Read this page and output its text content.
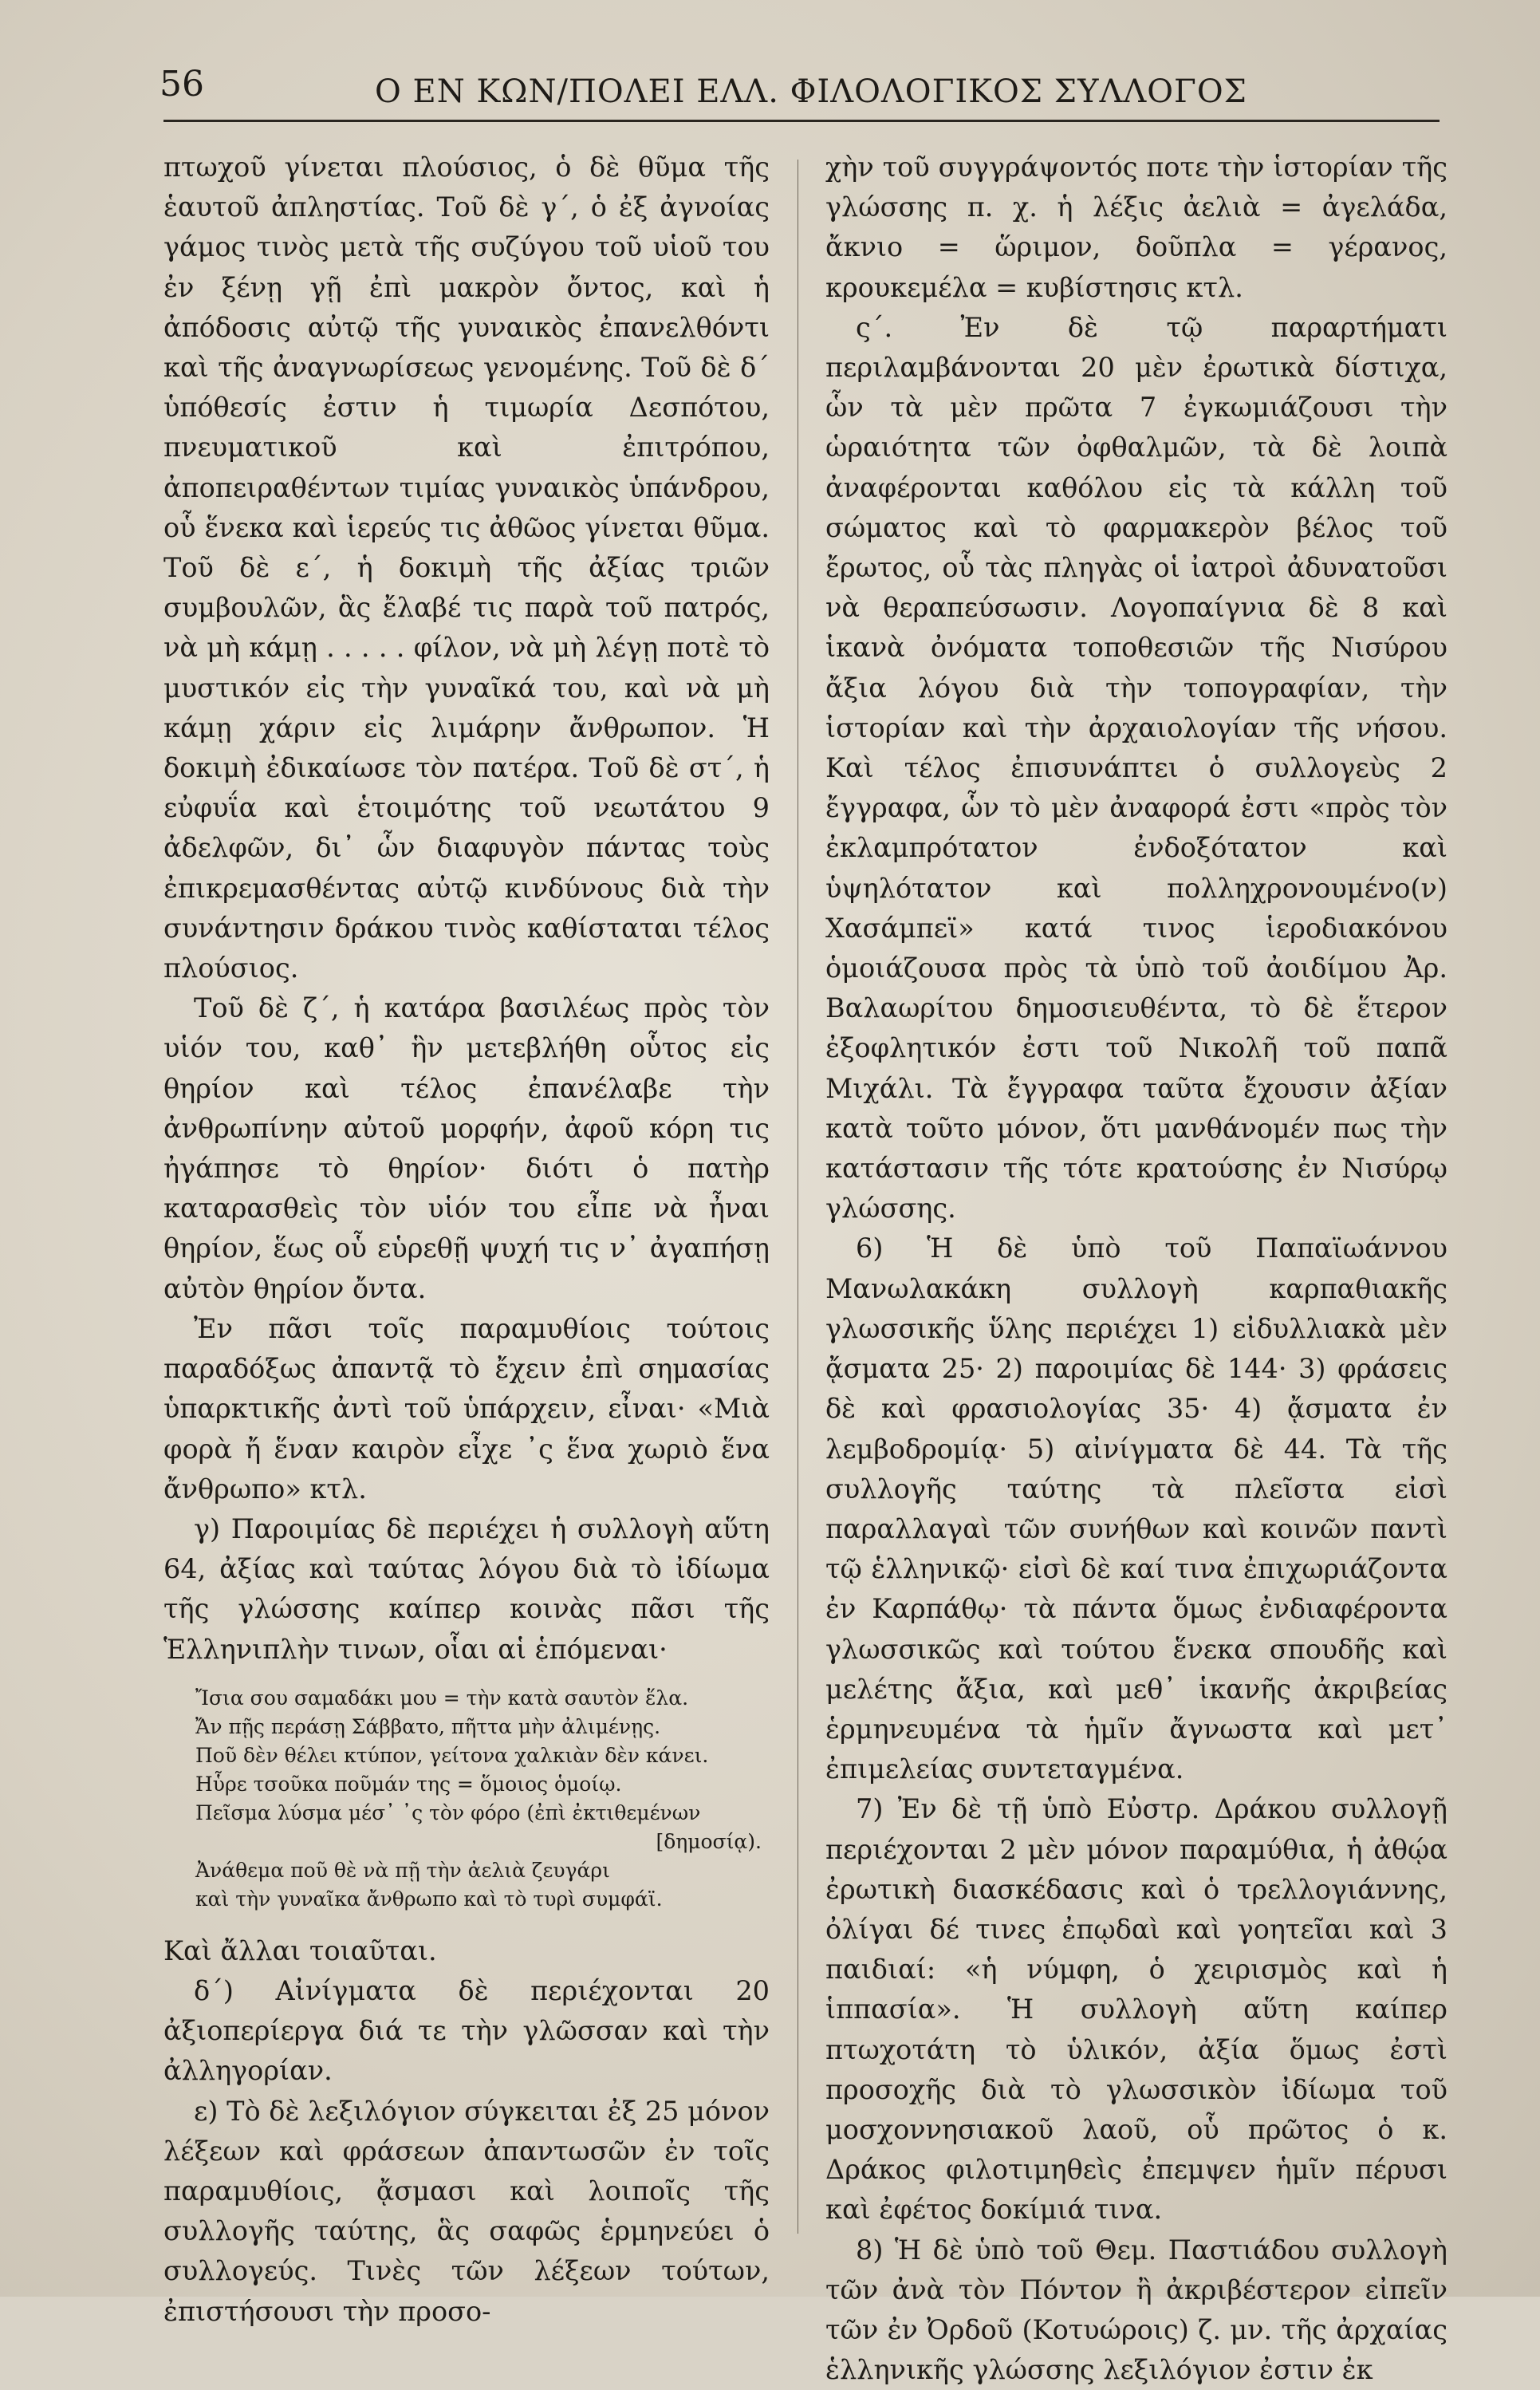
56	Ο ΕΝ ΚΩΝ/ΠΟΛΕΙ ΕΛΛ. ΦΙΛΟΛΟΓΙΚΟΣ ΣΥΛΛΟΓΟΣ

πτωχοῦ γίνεται πλούσιος, ὁ δὲ θῦμα τῆς ἑαυτοῦ ἀπληστίας. Τοῦ δὲ γ΄, ὁ ἐξ ἀγνοίας γάμος τινὸς μετὰ τῆς συζύγου τοῦ υἱοῦ του ἐν ξένῃ γῇ ἐπὶ μακρὸν ὄντος, καὶ ἡ ἀπόδοσις αὐτῷ τῆς γυναικὸς ἐπανελθόντι καὶ τῆς ἀναγνωρίσεως γενομένης. Τοῦ δὲ δ΄ ὑπόθεσίς ἐστιν ἡ τιμωρία Δεσπότου, πνευματικοῦ καὶ ἐπιτρόπου, ἀποπειραθέντων τιμίας γυναικὸς ὑπάνδρου, οὗ ἕνεκα καὶ ἱερεύς τις ἀθῶος γίνεται θῦμα. Τοῦ δὲ ε΄, ἡ δοκιμὴ τῆς ἀξίας τριῶν συμβουλῶν, ἃς ἔλαβέ τις παρὰ τοῦ πατρός, νὰ μὴ κάμῃ . . . . . φίλον, νὰ μὴ λέγῃ ποτὲ τὸ μυστικόν εἰς τὴν γυναῖκά του, καὶ νὰ μὴ κάμῃ χάριν εἰς λιμάρην ἄνθρωπον. Ἡ δοκιμὴ ἐδικαίωσε τὸν πατέρα. Τοῦ δὲ στ΄, ἡ εὐφυΐα καὶ ἑτοιμότης τοῦ νεωτάτου 9 ἀδελφῶν, δι᾽ ὧν διαφυγὸν πάντας τοὺς ἐπικρεμασθέντας αὐτῷ κινδύνους διὰ τὴν συνάντησιν δράκου τινὸς καθίσταται τέλος πλούσιος.

Τοῦ δὲ ζ΄, ἡ κατάρα βασιλέως πρὸς τὸν υἱόν του, καθ᾽ ἣν μετεβλήθη οὗτος εἰς θηρίον καὶ τέλος ἐπανέλαβε τὴν ἀνθρωπίνην αὐτοῦ μορφήν, ἀφοῦ κόρη τις ἠγάπησε τὸ θηρίον· διότι ὁ πατὴρ καταρασθεὶς τὸν υἱόν του εἶπε νὰ ἦναι θηρίον, ἕως οὗ εὑρεθῇ ψυχή τις ν᾽ ἀγαπήσῃ αὐτὸν θηρίον ὄντα.

Ἐν πᾶσι τοῖς παραμυθίοις τούτοις παραδόξως ἀπαντᾷ τὸ ἔχειν ἐπὶ σημασίας ὑπαρκτικῆς ἀντὶ τοῦ ὑπάρχειν, εἶναι· «Μιὰ φορὰ ἤ ἕναν καιρὸν εἶχε ᾽ς ἕνα χωριὸ ἕνα ἄνθρωπο» κτλ.

γ) Παροιμίας δὲ περιέχει ἡ συλλογὴ αὕτη 64, ἀξίας καὶ ταύτας λόγου διὰ τὸ ἰδίωμα τῆς γλώσσης καίπερ κοινὰς πᾶσι τῆς Ἑλληνιπλὴν τινων, οἷαι αἱ ἑπόμεναι·

Ἴσια σου σαμαδάκι μου = τὴν κατὰ σαυτὸν ἕλα.
Ἄν πῇς περάσῃ Σάββατο, πῆττα μὴν ἀλιμένῃς.
Ποῦ δὲν θέλει κτύπον, γείτονα χαλκιὰν δὲν κάνει.
Ηὗρε τσοῦκα ποῦμάν της = ὅμοιος ὁμοίῳ.
Πεῖσμα λύσμα μέσ᾽ ᾽ς τὸν φόρο (ἐπὶ ἐκτιθεμένων
[δημοσίᾳ).
Ἀνάθεμα ποῦ θὲ νὰ πῇ τὴν ἀελιὰ ζευγάρι
καὶ τὴν γυναῖκα ἄνθρωπο καὶ τὸ τυρὶ συμφάϊ.

Καὶ ἄλλαι τοιαῦται.

δ΄) Αἰνίγματα δὲ περιέχονται 20 ἀξιοπερίεργα διά τε τὴν γλῶσσαν καὶ τὴν ἀλληγορίαν.

ε) Τὸ δὲ λεξιλόγιον σύγκειται ἐξ 25 μόνον λέξεων καὶ φράσεων ἀπαντωσῶν ἐν τοῖς παραμυθίοις, ᾄσμασι καὶ λοιποῖς τῆς συλλογῆς ταύτης, ἃς σαφῶς ἑρμηνεύει ὁ συλλογεύς. Τινὲς τῶν λέξεων τούτων, ἐπιστήσουσι τὴν προσο-

χὴν τοῦ συγγράψοντός ποτε τὴν ἱστορίαν τῆς γλώσσης π. χ. ἡ λέξις ἀελιὰ = ἀγελάδα, ἄκνιο = ὥριμον, δοῦπλα = γέρανος, κρουκεμέλα = κυβίστησις κτλ.

ς΄. Ἐν δὲ τῷ παραρτήματι περιλαμβάνονται 20 μὲν ἐρωτικὰ δίστιχα, ὧν τὰ μὲν πρῶτα 7 ἐγκωμιάζουσι τὴν ὡραιότητα τῶν ὀφθαλμῶν, τὰ δὲ λοιπὰ ἀναφέρονται καθόλου εἰς τὰ κάλλη τοῦ σώματος καὶ τὸ φαρμακερὸν βέλος τοῦ ἔρωτος, οὗ τὰς πληγὰς οἱ ἰατροὶ ἀδυνατοῦσι νὰ θεραπεύσωσιν. Λογοπαίγνια δὲ 8 καὶ ἱκανὰ ὀνόματα τοποθεσιῶν τῆς Νισύρου ἄξια λόγου διὰ τὴν τοπογραφίαν, τὴν ἱστορίαν καὶ τὴν ἀρχαιολογίαν τῆς νήσου. Καὶ τέλος ἐπισυνάπτει ὁ συλλογεὺς 2 ἔγγραφα, ὧν τὸ μὲν ἀναφορά ἐστι «πρὸς τὸν ἐκλαμπρότατον ἐνδοξότατον καὶ ὑψηλότατον καὶ πολληχρονουμένο(ν) Χασάμπεϊ» κατά τινος ἱεροδιακόνου ὁμοιάζουσα πρὸς τὰ ὑπὸ τοῦ ἀοιδίμου Ἀρ. Βαλαωρίτου δημοσιευθέντα, τὸ δὲ ἕτερον ἐξοφλητικόν ἐστι τοῦ Νικολῆ τοῦ παπᾶ Μιχάλι. Τὰ ἔγγραφα ταῦτα ἔχουσιν ἀξίαν κατὰ τοῦτο μόνον, ὅτι μανθάνομέν πως τὴν κατάστασιν τῆς τότε κρατούσης ἐν Νισύρῳ γλώσσης.

6) Ἡ δὲ ὑπὸ τοῦ Παπαϊωάννου Μανωλακάκη συλλογὴ καρπαθιακῆς γλωσσικῆς ὕλης περιέχει 1) εἰδυλλιακὰ μὲν ᾄσματα 25· 2) παροιμίας δὲ 144· 3) φράσεις δὲ καὶ φρασιολογίας 35· 4) ᾄσματα ἐν λεμβοδρομίᾳ· 5) αἰνίγματα δὲ 44. Τὰ τῆς συλλογῆς ταύτης τὰ πλεῖστα εἰσὶ παραλλαγαὶ τῶν συνήθων καὶ κοινῶν παντὶ τῷ ἑλληνικῷ· εἰσὶ δὲ καί τινα ἐπιχωριάζοντα ἐν Καρπάθῳ· τὰ πάντα ὅμως ἐνδιαφέροντα γλωσσικῶς καὶ τούτου ἕνεκα σπουδῆς καὶ μελέτης ἄξια, καὶ μεθ᾽ ἱκανῆς ἀκριβείας ἑρμηνευμένα τὰ ἡμῖν ἄγνωστα καὶ μετ᾽ ἐπιμελείας συντεταγμένα.

7) Ἐν δὲ τῇ ὑπὸ Εὐστρ. Δράκου συλλογῇ περιέχονται 2 μὲν μόνον παραμύθια, ἡ ἀθῴα ἐρωτικὴ διασκέδασις καὶ ὁ τρελλογιάννης, ὀλίγαι δέ τινες ἐπῳδαὶ καὶ γοητεῖαι καὶ 3 παιδιαί: «ἡ νύμφη, ὁ χειρισμὸς καὶ ἡ ἱππασία». Ἡ συλλογὴ αὕτη καίπερ πτωχοτάτη τὸ ὑλικόν, ἀξία ὅμως ἐστὶ προσοχῆς διὰ τὸ γλωσσικὸν ἰδίωμα τοῦ μοσχοννησιακοῦ λαοῦ, οὗ πρῶτος ὁ κ. Δράκος φιλοτιμηθεὶς ἐπεμψεν ἡμῖν πέρυσι καὶ ἐφέτος δοκίμιά τινα.

8) Ἡ δὲ ὑπὸ τοῦ Θεμ. Παστιάδου συλλογὴ τῶν ἀνὰ τὸν Πόντον ἢ ἀκριβέστερον εἰπεῖν τῶν ἐν Ὀρδοῦ (Κοτυώροις) ζ. μν. τῆς ἀρχαίας ἑλληνικῆς γλώσσης λεξιλόγιον ἐστιν ἐκ
